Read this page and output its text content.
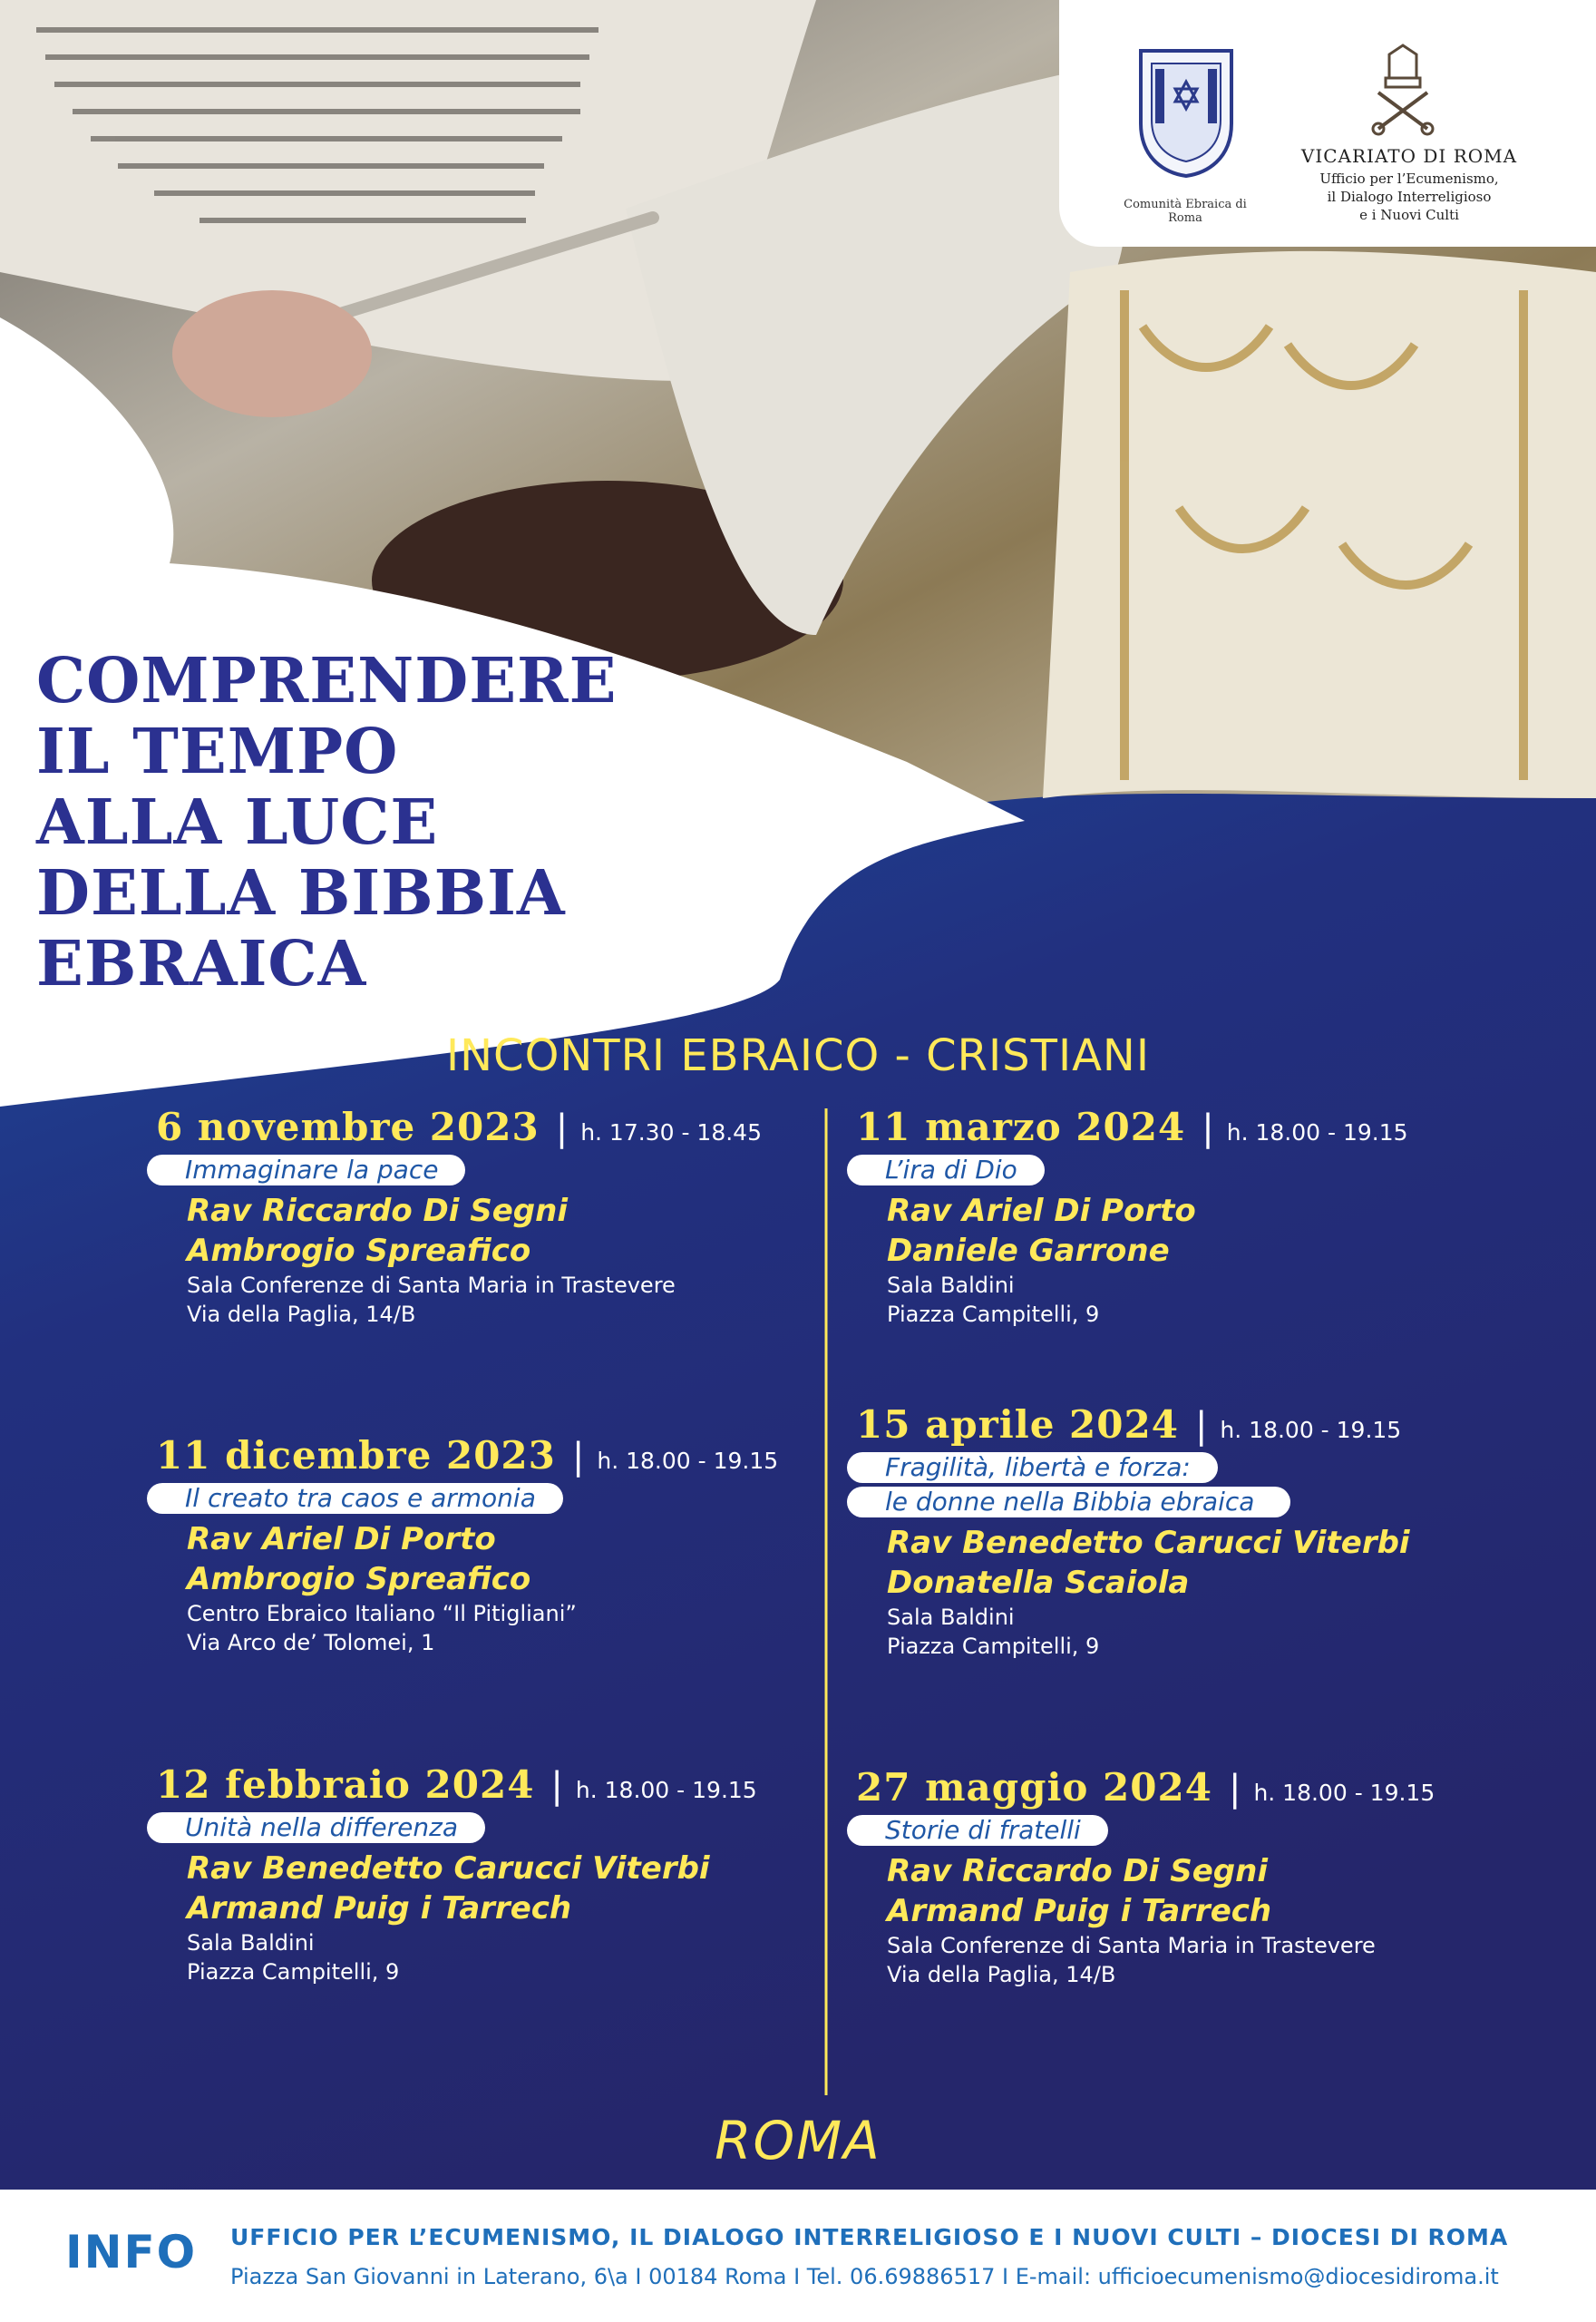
Comunità Ebraica di Roma
VICARIATO DI ROMA
Ufficio per l’Ecumenismo,
il Dialogo Interreligioso
e i Nuovi Culti
COMPRENDERE
IL TEMPO
ALLA LUCE
DELLA BIBBIA
EBRAICA
INCONTRI EBRAICO - CRISTIANI
6 novembre 2023 | h. 17.30 - 18.45
Immaginare la pace
Rav Riccardo Di Segni
Ambrogio Spreafico
Sala Conferenze di Santa Maria in Trastevere
Via della Paglia, 14/B
11 dicembre 2023 | h. 18.00 - 19.15
Il creato tra caos e armonia
Rav Ariel Di Porto
Ambrogio Spreafico
Centro Ebraico Italiano “Il Pitigliani”
Via Arco de’ Tolomei, 1
12 febbraio 2024 | h. 18.00 - 19.15
Unità nella differenza
Rav Benedetto Carucci Viterbi
Armand Puig i Tarrech
Sala Baldini
Piazza Campitelli, 9
11 marzo 2024 | h. 18.00 - 19.15
L’ira di Dio
Rav Ariel Di Porto
Daniele Garrone
Sala Baldini
Piazza Campitelli, 9
15 aprile 2024 | h. 18.00 - 19.15
Fragilità, libertà e forza:
le donne nella Bibbia ebraica
Rav Benedetto Carucci Viterbi
Donatella Scaiola
Sala Baldini
Piazza Campitelli, 9
27 maggio 2024 | h. 18.00 - 19.15
Storie di fratelli
Rav Riccardo Di Segni
Armand Puig i Tarrech
Sala Conferenze di Santa Maria in Trastevere
Via della Paglia, 14/B
ROMA
INFO UFFICIO PER L’ECUMENISMO, IL DIALOGO INTERRELIGIOSO E I NUOVI CULTI – DIOCESI DI ROMA
Piazza San Giovanni in Laterano, 6\a I 00184 Roma I Tel. 06.69886517 I E-mail: ufficioecumenismo@diocesidiroma.it
